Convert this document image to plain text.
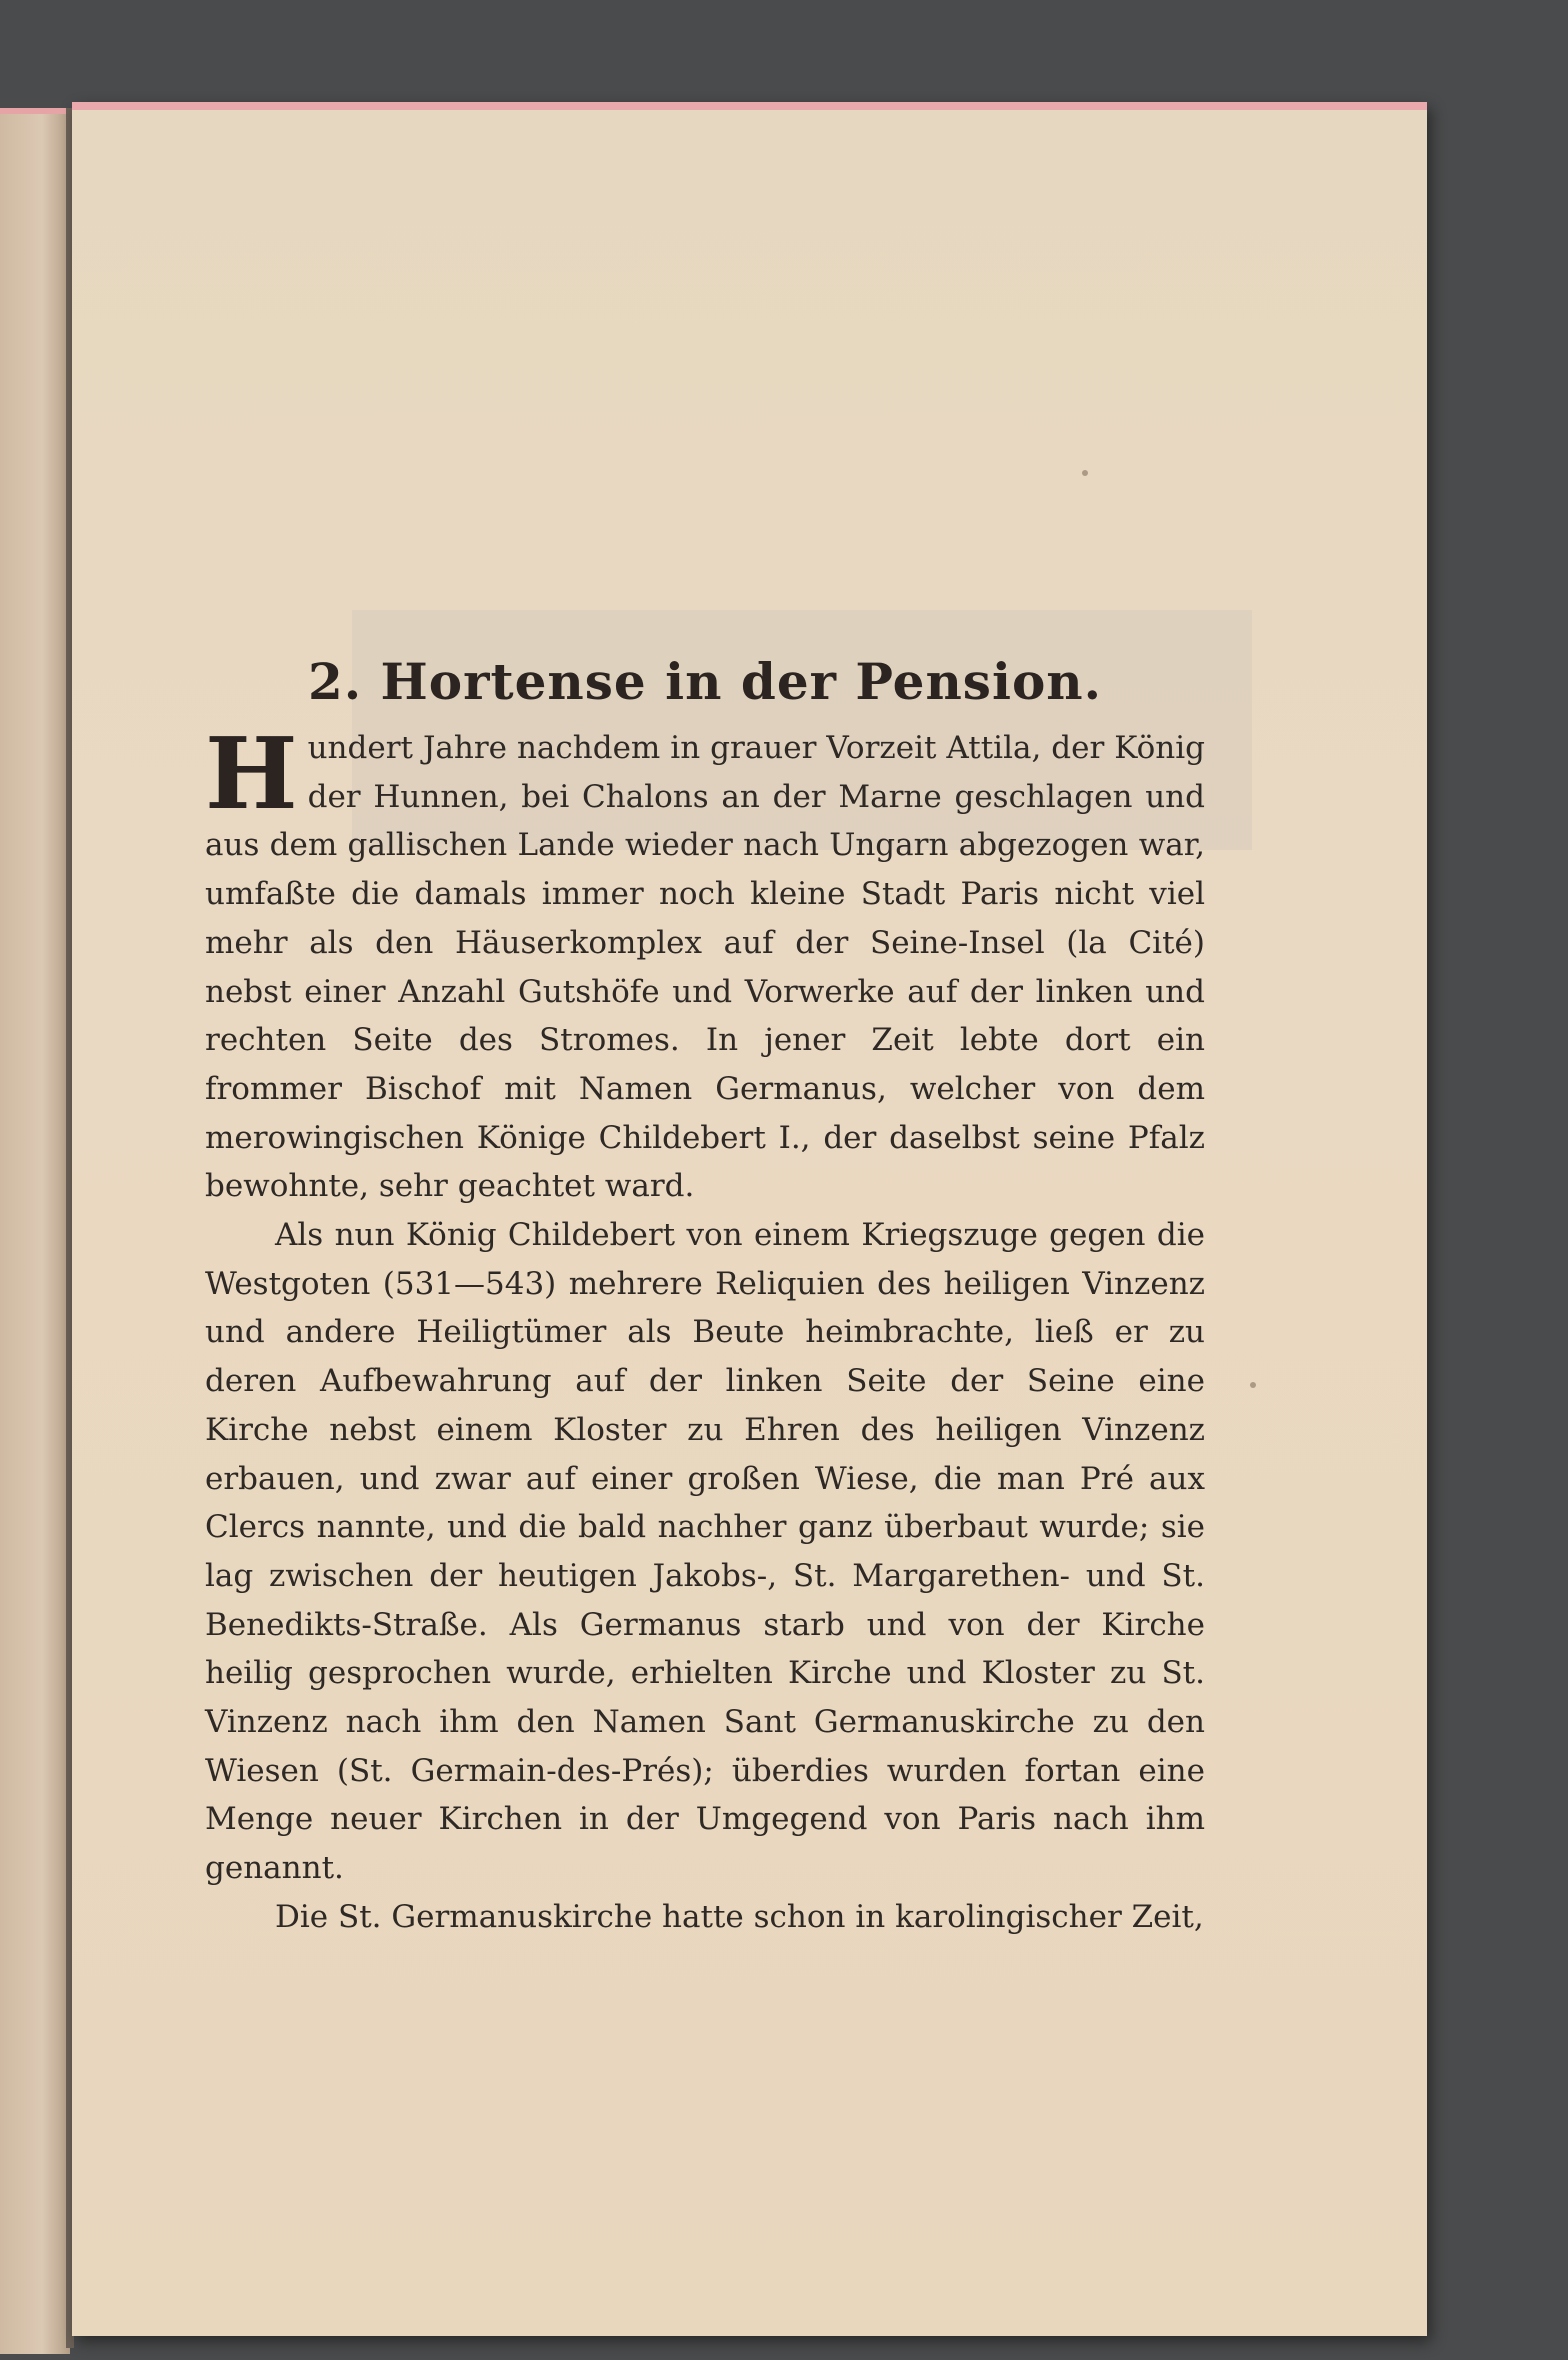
2. Hortense in der Pension.

Hundert Jahre nachdem in grauer Vorzeit Attila, der König der Hunnen, bei Chalons an der Marne geschlagen und aus dem gallischen Lande wieder nach Ungarn abgezogen war, umfaßte die damals immer noch kleine Stadt Paris nicht viel mehr als den Häuserkomplex auf der Seine-Insel (la Cité) nebst einer Anzahl Gutshöfe und Vorwerke auf der linken und rechten Seite des Stromes. In jener Zeit lebte dort ein frommer Bischof mit Namen Germanus, welcher von dem merowingischen Könige Childebert I., der daselbst seine Pfalz bewohnte, sehr geachtet ward.

Als nun König Childebert von einem Kriegszuge gegen die Westgoten (531—543) mehrere Reliquien des heiligen Vinzenz und andere Heiligtümer als Beute heimbrachte, ließ er zu deren Aufbewahrung auf der linken Seite der Seine eine Kirche nebst einem Kloster zu Ehren des heiligen Vinzenz erbauen, und zwar auf einer großen Wiese, die man Pré aux Clercs nannte, und die bald nachher ganz überbaut wurde; sie lag zwischen der heutigen Jakobs-, St. Margarethen- und St. Benedikts-Straße. Als Germanus starb und von der Kirche heilig gesprochen wurde, erhielten Kirche und Kloster zu St. Vinzenz nach ihm den Namen Sant Germanuskirche zu den Wiesen (St. Germain-des-Prés); überdies wurden fortan eine Menge neuer Kirchen in der Umgegend von Paris nach ihm genannt.

Die St. Germanuskirche hatte schon in karolingischer Zeit,
